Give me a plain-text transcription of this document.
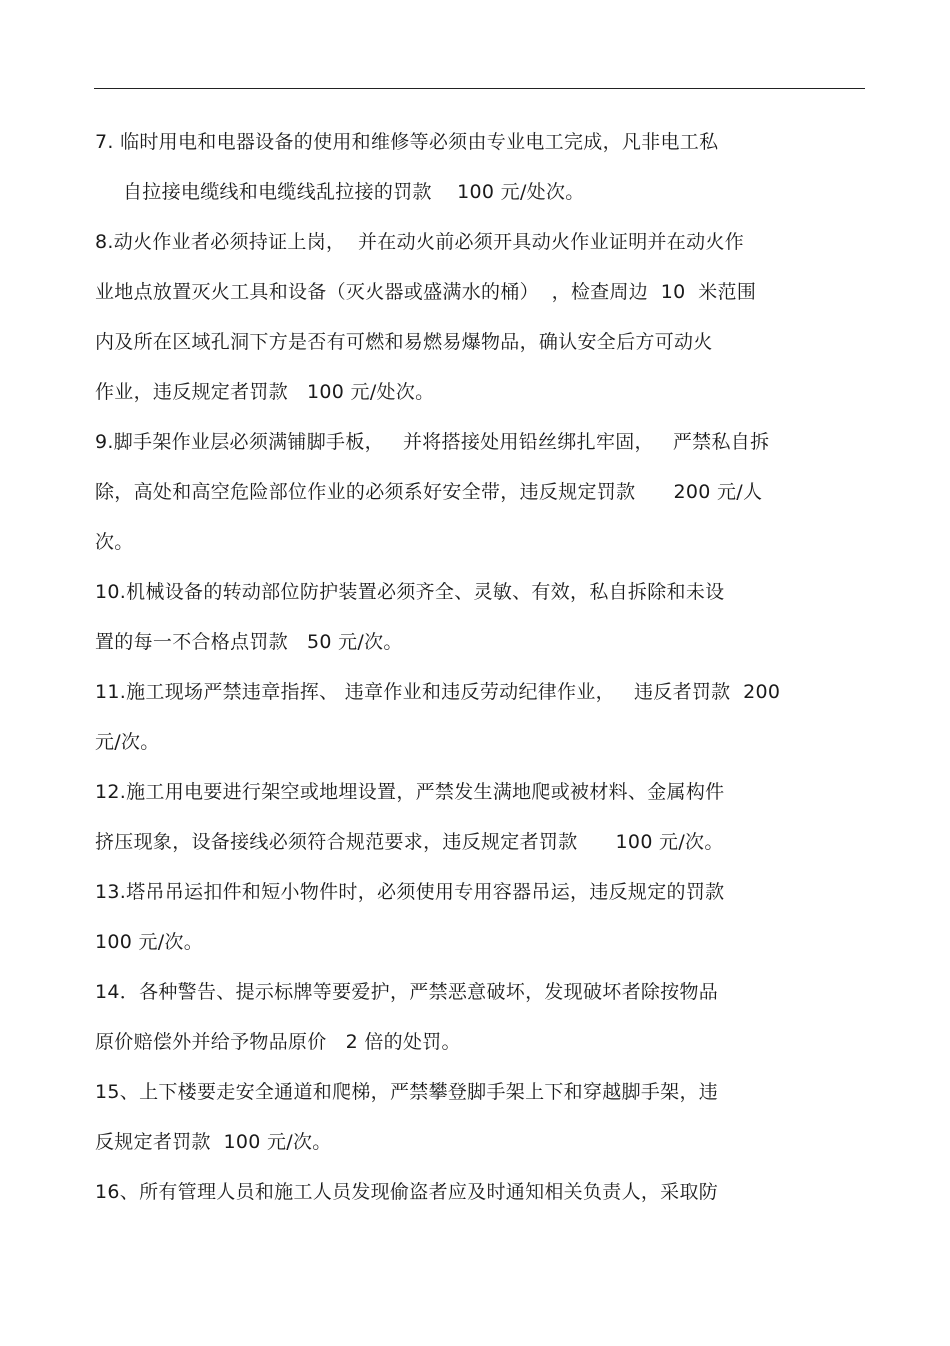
7. 临时用电和电器设备的使用和维修等必须由专业电工完成，凡非电工私
自拉接电缆线和电缆线乱拉接的罚款    100 元/处次。
8.动火作业者必须持证上岗，  并在动火前必须开具动火作业证明并在动火作
业地点放置灭火工具和设备（灭火器或盛满水的桶）  ，检查周边  10  米范围
内及所在区域孔洞下方是否有可燃和易燃易爆物品，确认安全后方可动火
作业，违反规定者罚款   100 元/处次。
9.脚手架作业层必须满铺脚手板，   并将搭接处用铅丝绑扎牢固，   严禁私自拆
除，高处和高空危险部位作业的必须系好安全带，违反规定罚款      200 元/人
次。
10.机械设备的转动部位防护装置必须齐全、灵敏、有效，私自拆除和未设
置的每一不合格点罚款   50 元/次。
11.施工现场严禁违章指挥、 违章作业和违反劳动纪律作业，   违反者罚款  200
元/次。
12.施工用电要进行架空或地埋设置，严禁发生满地爬或被材料、金属构件
挤压现象，设备接线必须符合规范要求，违反规定者罚款      100 元/次。
13.塔吊吊运扣件和短小物件时，必须使用专用容器吊运，违反规定的罚款
100 元/次。
14．各种警告、提示标牌等要爱护，严禁恶意破坏，发现破坏者除按物品
原价赔偿外并给予物品原价   2 倍的处罚。
15、上下楼要走安全通道和爬梯，严禁攀登脚手架上下和穿越脚手架，违
反规定者罚款  100 元/次。
16、所有管理人员和施工人员发现偷盗者应及时通知相关负责人，采取防
